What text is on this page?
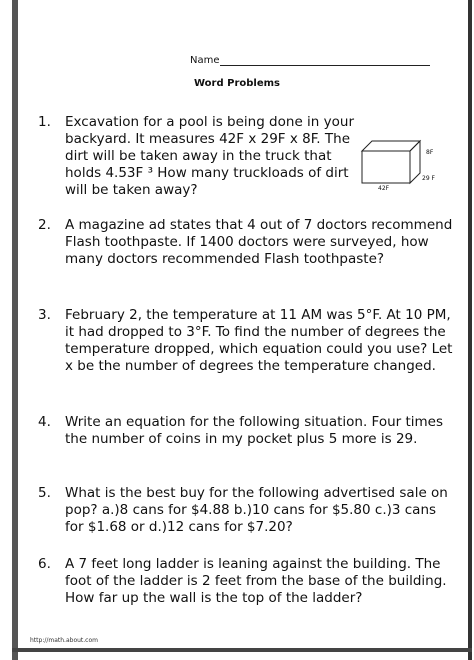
Name
Word Problems
1. Excavation for a pool is being done in your backyard. It measures 42F x 29F x 8F. The dirt will be taken away in the truck that holds 4.53F ³ How many truckloads of dirt will be taken away?
8F
29 F
42F
2. A magazine ad states that 4 out of 7 doctors recommend Flash toothpaste. If 1400 doctors were surveyed, how many doctors recommended Flash toothpaste?
3. February 2, the temperature at 11 AM was 5°F. At 10 PM, it had dropped to 3°F. To find the number of degrees the temperature dropped, which equation could you use? Let x be the number of degrees the temperature changed.
4. Write an equation for the following situation. Four times the number of coins in my pocket plus 5 more is 29.
5. What is the best buy for the following advertised sale on pop? a.)8 cans for $4.88 b.)10 cans for $5.80 c.)3 cans for $1.68 or d.)12 cans for $7.20?
6. A 7 feet long ladder is leaning against the building. The foot of the ladder is 2 feet from the base of the building. How far up the wall is the top of the ladder?
http://math.about.com
